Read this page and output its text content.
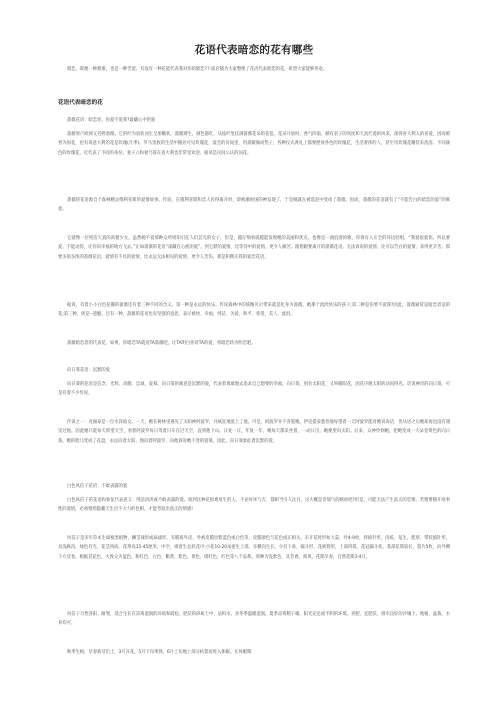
花语代表暗恋的花有哪些
暗恋，即便一种甜蜜，也是一种苦涩。有没有一种花能代表我对你的暗恋?下面店铺为大家整理了花语代表暗恋的花，希望大家能够喜欢。
花语代表暗恋的花
蔷薇花语：暗恋你，你爱不爱我?最藏心中的爱
蔷薇原产欧洲又名野蔷薇。它的叶为羽状而生呈蛋椭状，蔷薇矮生，颜色都红，从枝叶里挂满蔷薇花朵的花苞。花朵开放时，香气四溢，颇有君子的风度和天真烂漫的风采，深得喜大利人的喜爱，因而被誉为国花，也有说意大利的花是玫瑰(月季)。罗马贵族的生活中随处可见玫瑰花，宴会的房间里，用蔷薇做成垫子，各种仪式典礼上都要摆放各色的玫瑰花，生活奢侈的人，甚至用玫瑰花瓣装来洗浴。不同颜色的玫瑰花，近代表了不同的身份。妻子立和妻乃蔷在意大利也非常受欢迎，据说是民间公认的国花。
蔷薇的花语源自于森林精灵维利亚斯的爱情故事。传说，在锥利亚斯和恋人民得离开时，即被潮时国的神发现了，于是她就在被选赶中变成了蔷薇。因而，蔷薇的花语就有了“不能告白的暗恋的爱”的寓意。
它就像一位纯洁天真的高雅少女，虽然她不爱那种众所周知引任人们芸光的女子，但是，越仔细看就越能发现她的美丽和优点。也像是一曲浪漫的歌，你领有人在全的环边轻唱，“我爱很爱你。所以要爱。不能动你，让你向幸福的地方飞去。”正如蔷薇的花语“深藏在心底的爱”。到它默的爱情，比等待中的爱情，更令人痛苦。跟想跟要离开的蔷薇花语。无法诉说的爱情，比可以告白的爱情，来得更辛苦。那要多浓多浓的蔷薇花语，爱情有不具的爱情，比永远无法相见的爱情，更令人苦伤。那是积攒正我的爱恋花语。
据说，有着小小白色花瓣的蔷薇还有着三种不同的含义。第一种是永远的快乐。传说森林中的妖精贝尔带来就是化身为蔷薇，她那个流淡快乐的孩子;第二种是你要不爱我?因此，蔷薇通常是暗恋者送的花;第三种，到是--遗憾。还有一种，蔷薇的花语也有坚强的意思，表示被快、幸福、纯洁、关爱、和平、希望、美人、流泪。
蔷薇暗恋者的代表花，如果，你暗恋TA就送TA蔷薇吧，让TA明白你对TA的爱，将暗恋转为明恋吧。
向日葵花语：沉默的爱
向日葵的花语是信念、光辉、高傲、忠诚、爱慕。向日葵的寓意是沉默的爱，代表着勇敢地去追求自己想要的幸福。向日葵，别名太阳花，又叫朝阳花，因花序随太阳转动而得名。话说神奇的向日葵，可是有着不少传说。
传说之一：克丽泰是一位水泽仙女。一天，她在树林里遇见了太阳神阿波罗，并疯狂地爱上了他。可是，阿波罗并不喜爱她。伊克提泰悉但地每望着一天阿波罗能对她说说话，但从居之后她却再也没有遇见过他。因此她只能每天仰望天空，看着阿波罗每日驾着日车在过天空，直到他下山。日复一日，年复一年，她每天都呆坐着，一动日出，她便望向太阳。后来，众神怜悯她，把她变成一大朵金黄色的向日葵。她的脸儿变成了花盘，永远向着太阳，图向着阿波罗，向他诉说她不变的爱慕。因此，向日葵象征着沉默的爱。
白色风信子花语：不敢表露的爱
白色风信子的花语和象征代表意义：纯洁清淡或不敢表露的爱。收到这种花很难用生的人，不论好坏与否，都相当引人注目。这大概是奇瑞气的嬉故吧?但是，可能无法产生真正的恋情，若想要随开故事性的爱情，必须悄悄隐藏天生出不大力的色相，才能考验出真正的情感!
风信子是多年草本生球根类植物，鳞茎球形或扁球形，有膜质外皮，外被皮膜显紫蓝色或白色等，皮膜颜色与花色成正相关。未开花时形如大蒜，叶4-9枚，狭披针形，肉质，基生，肥厚，带状披针形，具浅纵沟，绿色有光。花茎肉质，花葶高15-45厘米，中空，端着生总状花序;小花10-20朵密生上部，多横向生长，少有下垂，漏斗形，花被筒形，上部四裂，花冠漏斗状，基部花筒较长，裂片5枚，向外侧下方反卷。根据其花色，大致分为蓝色、粉红色、白色、鹅黄、紫色、黄色、绯红色，红色等八个品系。原种为浅紫色，具芳香。蒴果。花期早春，自然花期3-4月。
风信子习性喜阳、耐寒，适合生长在凉爽湿润的环境和疏松、肥沃的砂质土中，忌积水。喜冬季温暖湿润，夏季凉爽稍干燥，阳光充足或半阴的环境。喜肥，宜肥沃、排水良好的沙壤土。地植、盆栽、水养均可。
秋季生根，早春新芽出土，3月开花，5月下旬果熟，6月上旬地上部分枯萎而进入休眠。在休眠期
